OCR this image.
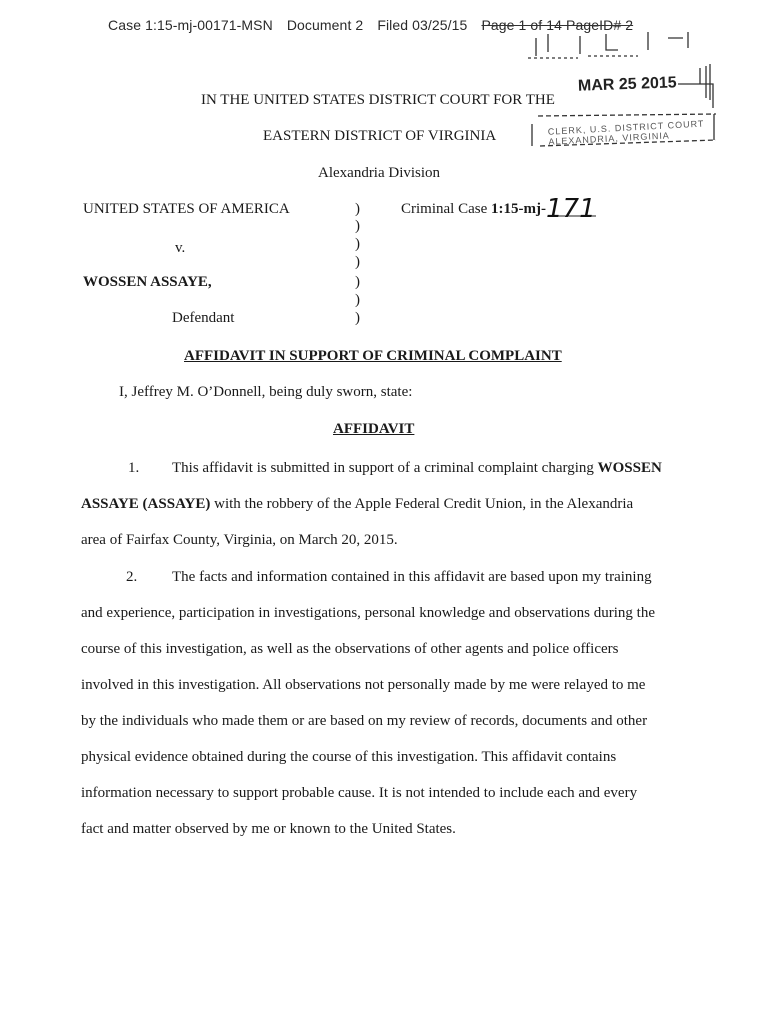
Case 1:15-mj-00171-MSN Document 2 Filed 03/25/15 Page 1 of 14 PageID# 2
MAR 25 2015
CLERK, U.S. DISTRICT COURT ALEXANDRIA, VIRGINIA
IN THE UNITED STATES DISTRICT COURT FOR THE
EASTERN DISTRICT OF VIRGINIA
Alexandria Division
UNITED STATES OF AMERICA
v.
WOSSEN ASSAYE,
Defendant
)
)
)
)
)
)
)
Criminal Case 1:15-mj- 171
AFFIDAVIT IN SUPPORT OF CRIMINAL COMPLAINT
I, Jeffrey M. O’Donnell, being duly sworn, state:
AFFIDAVIT
1. This affidavit is submitted in support of a criminal complaint charging WOSSEN
ASSAYE (ASSAYE) with the robbery of the Apple Federal Credit Union, in the Alexandria
area of Fairfax County, Virginia, on March 20, 2015.
2. The facts and information contained in this affidavit are based upon my training
and experience, participation in investigations, personal knowledge and observations during the
course of this investigation, as well as the observations of other agents and police officers
involved in this investigation. All observations not personally made by me were relayed to me
by the individuals who made them or are based on my review of records, documents and other
physical evidence obtained during the course of this investigation. This affidavit contains
information necessary to support probable cause. It is not intended to include each and every
fact and matter observed by me or known to the United States.
